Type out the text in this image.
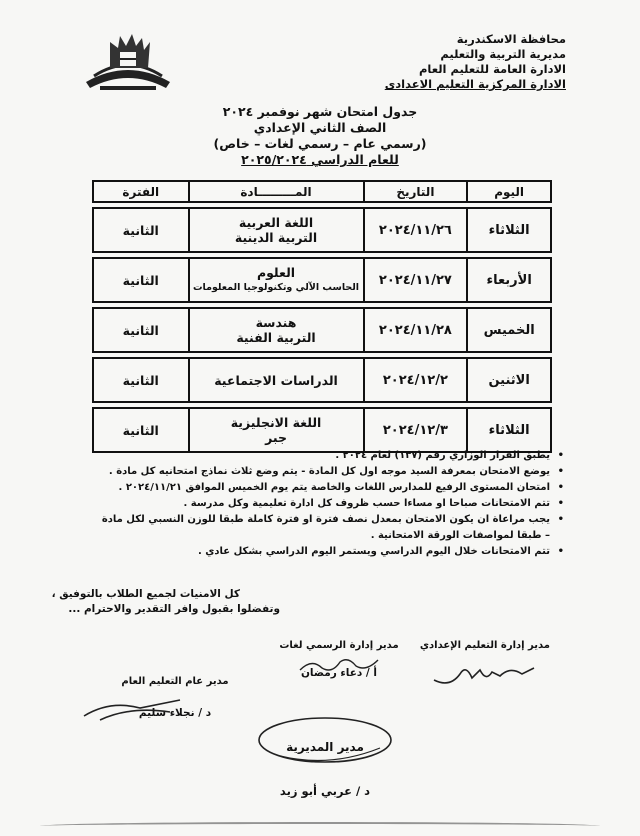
محافظة الاسكندرية
مديرية التربية والتعليم
الادارة العامة للتعليم العام
الادارة المركزية التعليم الاعدادى
جدول امتحان شهر نوفمبر ٢٠٢٤
الصف الثاني الإعدادي
(رسمي عام – رسمي لغات – خاص)
للعام الدراسي ٢٠٢٥/٢٠٢٤
اليوم	التاريخ	المـــــــــادة	الفترة

الثلاثاء	٢٠٢٤/١١/٢٦	اللغة العربية
التربية الدينية	الثانية

الأربعاء	٢٠٢٤/١١/٢٧	العلوم
الحاسب الآلي وتكنولوجيا المعلومات	الثانية

الخميس	٢٠٢٤/١١/٢٨	هندسة
التربية الفنية	الثانية

الاثنين	٢٠٢٤/١٢/٢	الدراسات الاجتماعية	الثانية

الثلاثاء	٢٠٢٤/١٢/٣	اللغة الانجليزية
جبر	الثانية
•
يطبق القرار الوزاري رقم (١٣٧) لعام ٢٠٢٤ .
•
يوضع الامتحان بمعرفة السيد موجه اول كل المادة - يتم وضع ثلاث نماذج امتحانيه كل مادة .
•
امتحان المستوى الرفيع للمدارس اللغات والخاصة يتم يوم الخميس الموافق ٢٠٢٤/١١/٢١ .
•
تتم الامتحانات صباحا او مساءا حسب ظروف كل ادارة تعليمية وكل مدرسة .
•
يجب مراعاة ان يكون الامتحان بمعدل نصف فترة او فترة كاملة طبقا للوزن النسبي لكل مادة
– طبقا لمواصفات الورقة الامتحانية .
•
تتم الامتحانات خلال اليوم الدراسي ويستمر اليوم الدراسي بشكل عادي .
كل الامنيات لجميع الطلاب بالتوفيق ،
وتفضلوا بقبول وافر التقدير والاحترام ...
مدير إدارة التعليم الإعدادي
مدير إدارة الرسمي لغات
أ / دعاء رمضان
مدير عام التعليم العام
د / نجلاء سليم
مدير المديرية
د / عربي أبو زيد
